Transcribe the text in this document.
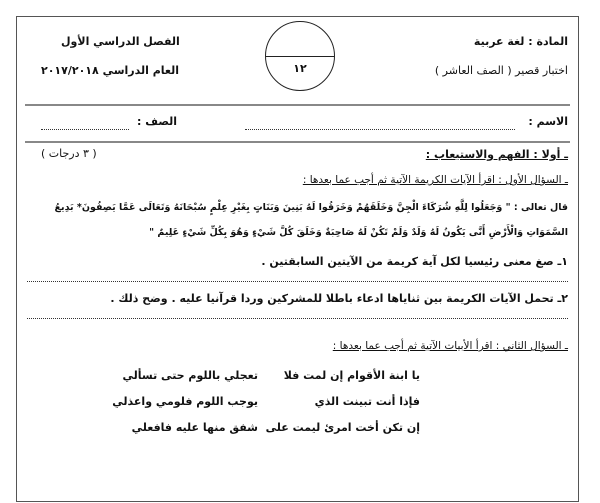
المادة : لغة عربية
اختبار قصير ( الصف العاشر )
الفصل الدراسي الأول
العام الدراسي ٢٠١٧/٢٠١٨	١٢
الاسم :
الصف :
ـ أولا : الفهم والاستيعاب :
( ٣ درجات )
ـ السؤال الأول : اقرأ الآيات الكريمة الآتية ثم أجب عما بعدها :

قال تعالى : " وَجَعَلُوا لِلَّهِ شُرَكَاءَ الْجِنَّ وَخَلَقَهُمْ وَخَرَقُوا لَهُ بَنِينَ وَبَنَاتٍ بِغَيْرِ عِلْمٍ سُبْحَانَهُ وَتَعَالَى عَمَّا يَصِفُونَ* بَدِيعُ السَّمَوَاتِ وَالْأَرْضِ أَنَّى يَكُونُ لَهُ وَلَدٌ وَلَمْ تَكُنْ لَهُ صَاحِبَةٌ وَخَلَقَ كُلَّ شَيْءٍ وَهُوَ بِكُلِّ شَيْءٍ عَلِيمٌ "

١ـ صغ معنى رئيسيا لكل آية كريمة من الآيتين السابقتين .
٢ـ تحمل الآيات الكريمة بين ثناياها ادعاء باطلا للمشركين وردا قرآنيا عليه . وضح ذلك .
ـ السؤال الثاني : اقرأ الأبيات الآتية ثم أجب عما بعدها :
يا ابنة الأقوام إن لمت فلا
تعجلي باللوم حتى تسألي
فإذا أنت تبينت الذي
يوجب اللوم فلومي واعذلي
إن تكن أخت امرئ ليمت على
شفق منها عليه فافعلي
